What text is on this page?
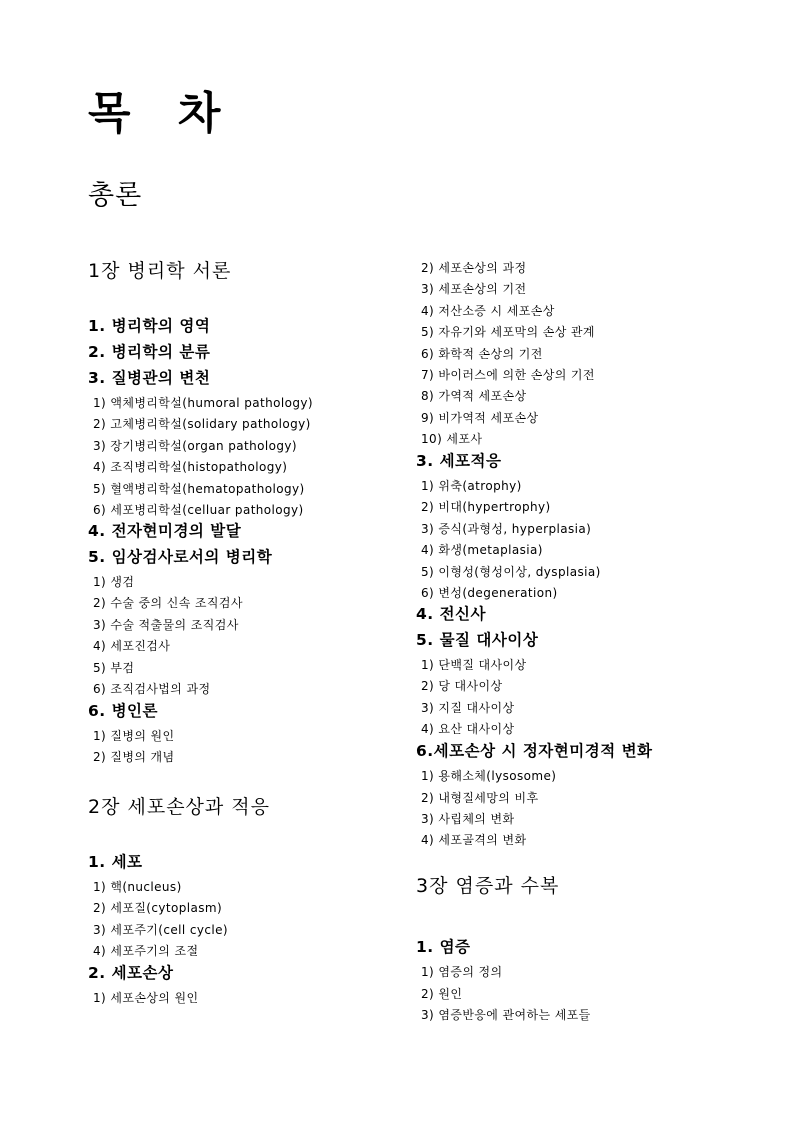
목 차
총론
1장 병리학 서론
1. 병리학의 영역
2. 병리학의 분류
3. 질병관의 변천
1) 액체병리학설(humoral pathology)
2) 고체병리학설(solidary pathology)
3) 장기병리학설(organ pathology)
4) 조직병리학설(histopathology)
5) 혈액병리학설(hematopathology)
6) 세포병리학설(celluar pathology)
4. 전자현미경의 발달
5. 임상검사로서의 병리학
1) 생검
2) 수술 중의 신속 조직검사
3) 수술 적출물의 조직검사
4) 세포진검사
5) 부검
6) 조직검사법의 과정
6. 병인론
1) 질병의 원인
2) 질병의 개념
2장 세포손상과 적응
1. 세포
1) 핵(nucleus)
2) 세포질(cytoplasm)
3) 세포주기(cell cycle)
4) 세포주기의 조절
2. 세포손상
1) 세포손상의 원인
2) 세포손상의 과정
3) 세포손상의 기전
4) 저산소증 시 세포손상
5) 자유기와 세포막의 손상 관계
6) 화학적 손상의 기전
7) 바이러스에 의한 손상의 기전
8) 가역적 세포손상
9) 비가역적 세포손상
10) 세포사
3. 세포적응
1) 위축(atrophy)
2) 비대(hypertrophy)
3) 증식(과형성, hyperplasia)
4) 화생(metaplasia)
5) 이형성(형성이상, dysplasia)
6) 변성(degeneration)
4. 전신사
5. 물질 대사이상
1) 단백질 대사이상
2) 당 대사이상
3) 지질 대사이상
4) 요산 대사이상
6.세포손상 시 정자현미경적 변화
1) 용해소체(lysosome)
2) 내형질세망의 비후
3) 사립체의 변화
4) 세포골격의 변화
3장 염증과 수복
1. 염증
1) 염증의 정의
2) 원인
3) 염증반응에 관여하는 세포들
